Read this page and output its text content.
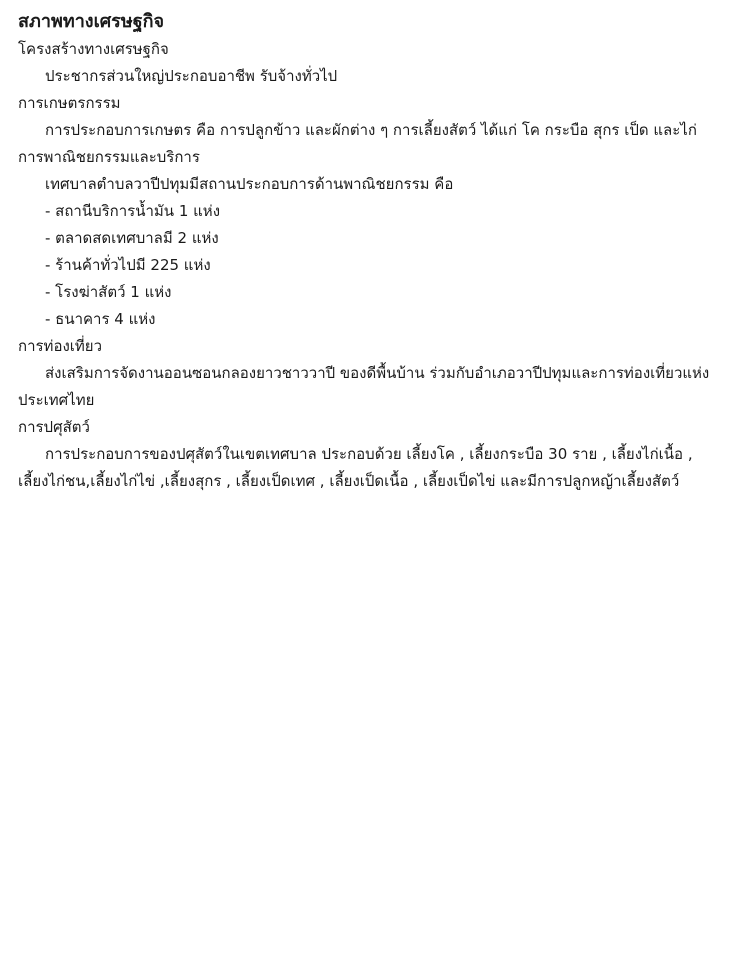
สภาพทางเศรษฐกิจ

โครงสร้างทางเศรษฐกิจ

ประชากรส่วนใหญ่ประกอบอาชีพ รับจ้างทั่วไป

การเกษตรกรรม

การประกอบการเกษตร คือ การปลูกข้าว และผักต่าง ๆ การเลี้ยงสัตว์ ได้แก่ โค กระบือ สุกร เป็ด และไก่

การพาณิชยกรรมและบริการ

เทศบาลตำบลวาปีปทุมมีสถานประกอบการด้านพาณิชยกรรม คือ

- สถานีบริการน้ำมัน 1 แห่ง

- ตลาดสดเทศบาลมี 2 แห่ง

- ร้านค้าทั่วไปมี 225 แห่ง

- โรงฆ่าสัตว์ 1 แห่ง

- ธนาคาร 4 แห่ง

การท่องเที่ยว

ส่งเสริมการจัดงานออนซอนกลองยาวชาววาปี ของดีพื้นบ้าน ร่วมกับอำเภอวาปีปทุมและการท่องเที่ยวแห่งประเทศไทย

การปศุสัตว์

การประกอบการของปศุสัตว์ในเขตเทศบาล ประกอบด้วย เลี้ยงโค , เลี้ยงกระบือ 30 ราย , เลี้ยงไก่เนื้อ , เลี้ยงไก่ชน,เลี้ยงไก่ไข่ ,เลี้ยงสุกร , เลี้ยงเป็ดเทศ , เลี้ยงเป็ดเนื้อ , เลี้ยงเป็ดไข่ และมีการปลูกหญ้าเลี้ยงสัตว์
